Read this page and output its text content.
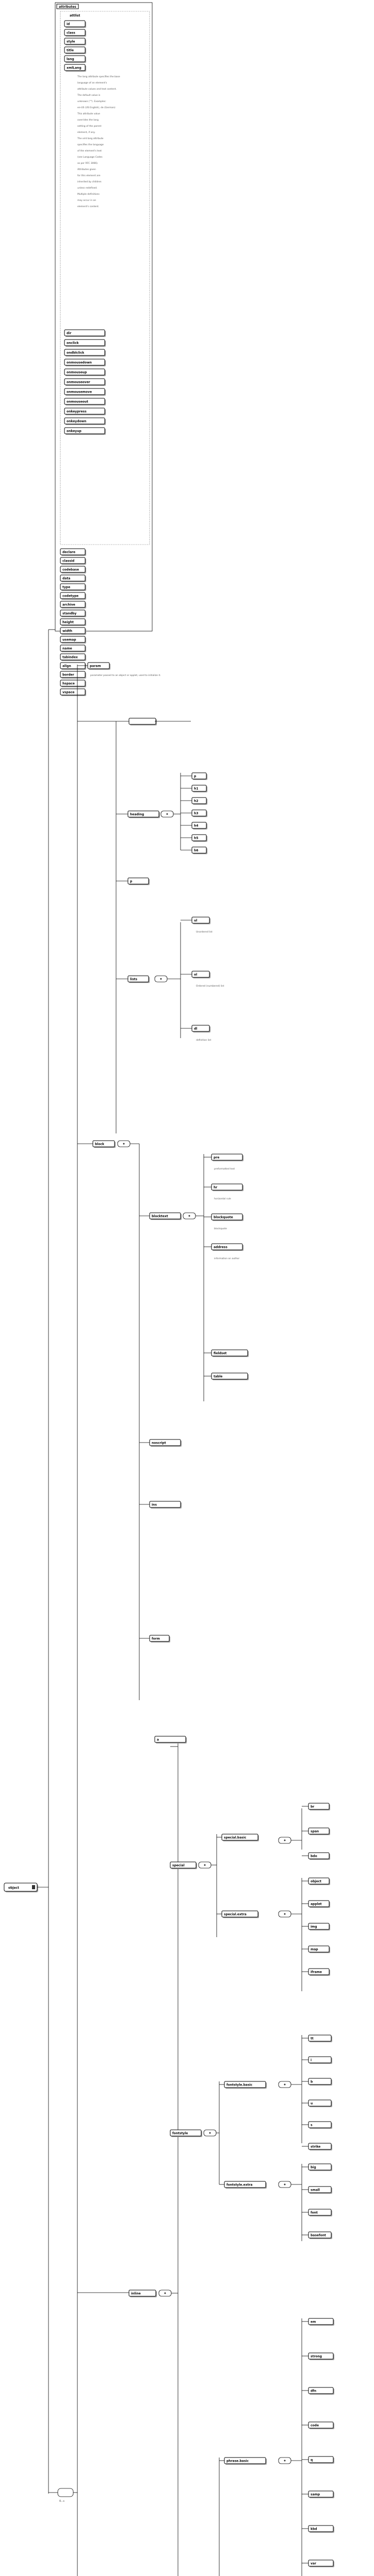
object
attributes
attlist
id
class
style
title
lang
xmlLang
dir
onclick
ondblclick
onmousedown
onmouseup
onmouseover
onmousemove
onmouseout
onkeypress
onkeydown
onkeyup
declare
classid
codebase
data
type
codetype
archive
standby
height
width
usemap
name
tabindex
align
border
hspace
vspace
The lang attribute specifies the base
language of an element's
attribute values and text content.
The default value is
unknown (""). Examples:
en-US (US English), de (German)
This attribute value
overrides the lang
setting of the parent
element, if any.
The xml:lang attribute
specifies the language
of the element's text
(see Language Codes
as per RFC 3066).
Attributes given
for this element are
inherited by children
unless redefined.
Multiple definitions
may occur in an
element's content.
0..∞
param
parameter passed to an object or applet, used to initialize it.
heading
p
h1
h2
h3
h4
h5
h6
p
lists
ul
Unordered list
ol
Ordered (numbered) list
dl
definition list
block
blocktext
pre
preformatted text
hr
horizontal rule
blockquote
blockquote
address
information on author
fieldset
table
noscript
ins
form
inline
a
special
special.basic
special.extra
br
span
bdo
object
applet
img
map
iframe
fontstyle
fontstyle.basic
fontstyle.extra
tt
i
b
u
s
strike
big
small
font
basefont
phrase.basic
em
strong
dfn
code
q
samp
kbd
var
